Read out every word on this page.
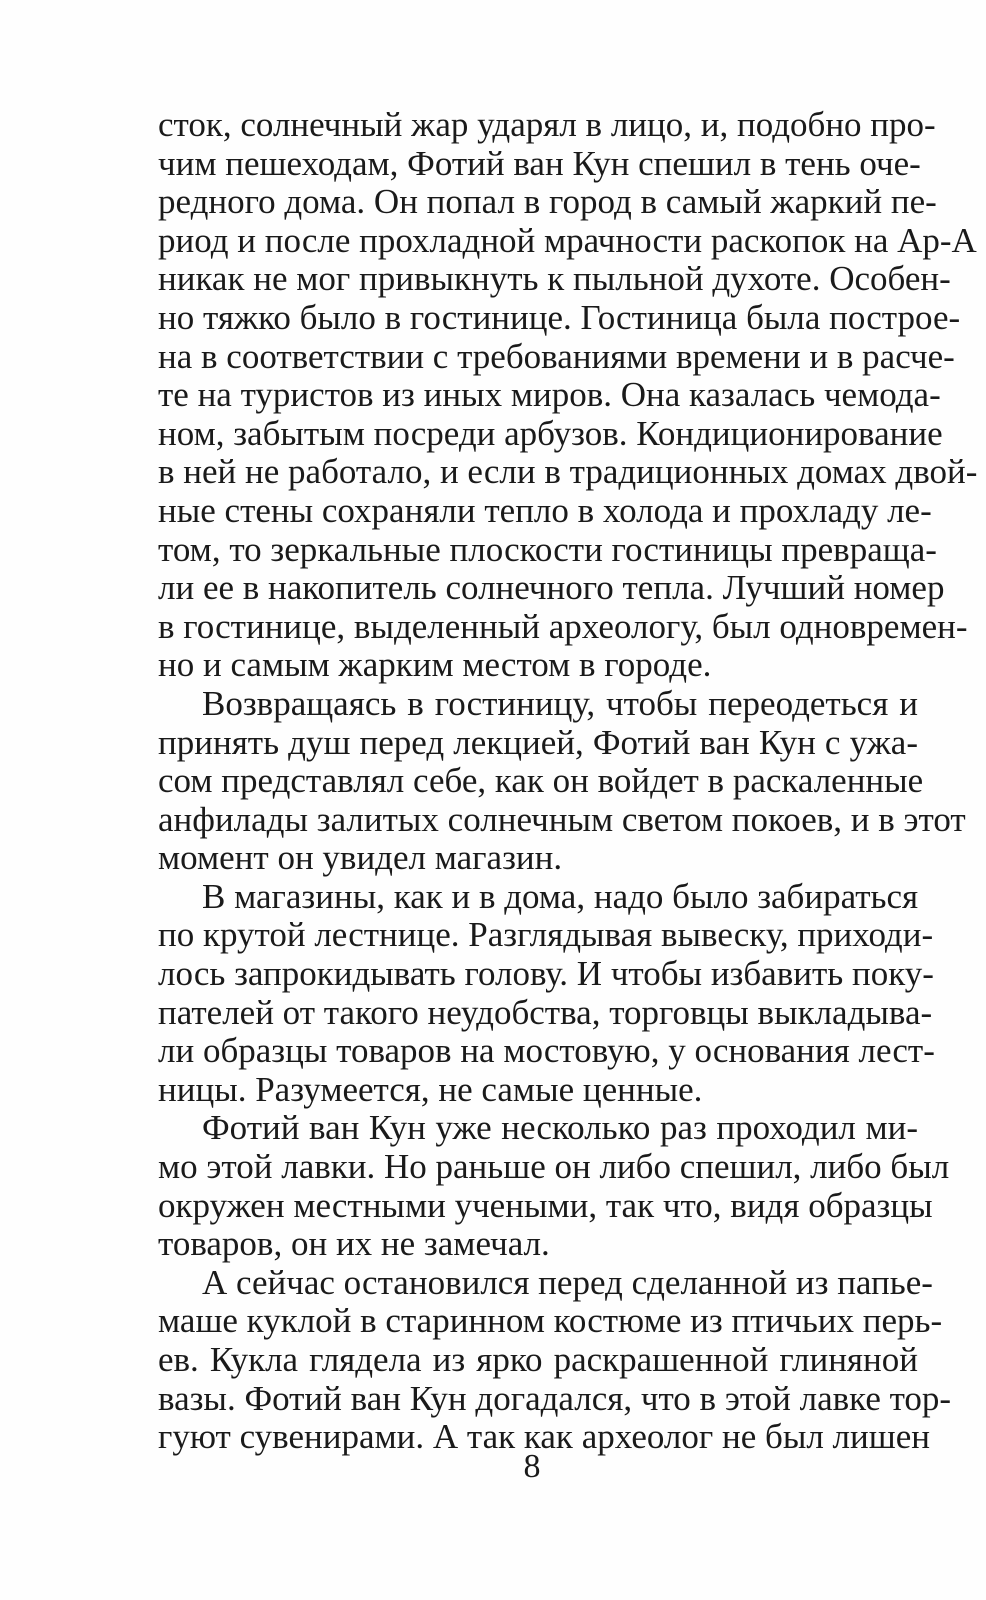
сток, солнечный жар ударял в лицо, и, подобно про-
чим пешеходам, Фотий ван Кун спешил в тень оче-
редного дома. Он попал в город в самый жаркий пе-
риод и после прохладной мрачности раскопок на Ар-А
никак не мог привыкнуть к пыльной духоте. Особен-
но тяжко было в гостинице. Гостиница была построе-
на в соответствии с требованиями времени и в расче-
те на туристов из иных миров. Она казалась чемода-
ном, забытым посреди арбузов. Кондиционирование
в ней не работало, и если в традиционных домах двой-
ные стены сохраняли тепло в холода и прохладу ле-
том, то зеркальные плоскости гостиницы превраща-
ли ее в накопитель солнечного тепла. Лучший номер
в гостинице, выделенный археологу, был одновремен-
но и самым жарким местом в городе.
Возвращаясь в гостиницу, чтобы переодеться и
принять душ перед лекцией, Фотий ван Кун с ужа-
сом представлял себе, как он войдет в раскаленные
анфилады залитых солнечным светом покоев, и в этот
момент он увидел магазин.
В магазины, как и в дома, надо было забираться
по крутой лестнице. Разглядывая вывеску, приходи-
лось запрокидывать голову. И чтобы избавить поку-
пателей от такого неудобства, торговцы выкладыва-
ли образцы товаров на мостовую, у основания лест-
ницы. Разумеется, не самые ценные.
Фотий ван Кун уже несколько раз проходил ми-
мо этой лавки. Но раньше он либо спешил, либо был
окружен местными учеными, так что, видя образцы
товаров, он их не замечал.
А сейчас остановился перед сделанной из папье-
маше куклой в старинном костюме из птичьих перь-
ев. Кукла глядела из ярко раскрашенной глиняной
вазы. Фотий ван Кун догадался, что в этой лавке тор-
гуют сувенирами. А так как археолог не был лишен
8
